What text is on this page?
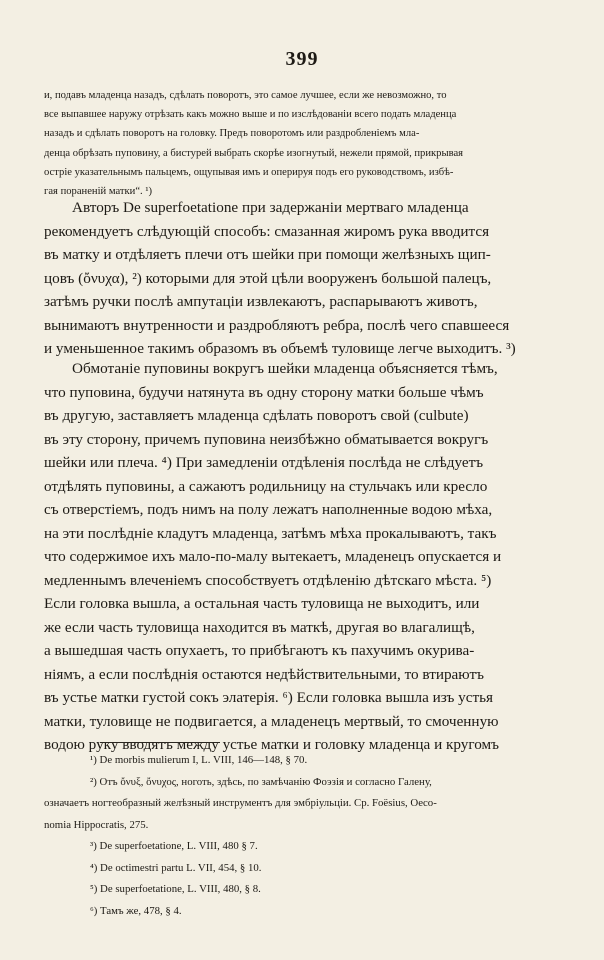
399
и, подавъ младенца назадъ, сдѣлать поворотъ, это самое лучшее, если же невозможно, то
все выпавшее наружу отрѣзать какъ можно выше и по изслѣдованіи всего подать младенца
назадъ и сдѣлать поворотъ на головку. Предъ поворотомъ или раздробленіемъ мла-
денца обрѣзать пуповину, а бистурей выбрать скорѣе изогнутый, нежели прямой, прикрывая
острiе указательнымъ пальцемъ, ощупывая имъ и оперируя подъ его руководствомъ, избѣ-
гая пораненій матки“. ¹)
Авторъ De superfoetatione при задержаніи мертваго младенца
рекомендуетъ слѣдующій способъ: смазанная жиромъ рука вводится
въ матку и отдѣляетъ плечи отъ шейки при помощи желѣзныхъ щип-
цовъ (ὄνυχα), ²) которыми для этой цѣли вооруженъ большой палецъ,
затѣмъ ручки послѣ ампутаціи извлекаютъ, распарываютъ животъ,
вынимаютъ внутренности и раздробляютъ ребра, послѣ чего спавшееся
и уменьшенное такимъ образомъ въ объемѣ туловище легче выходитъ. ³)
Обмотаніе пуповины вокругъ шейки младенца объясняется тѣмъ,
что пуповина, будучи натянута въ одну сторону матки больше чѣмъ
въ другую, заставляетъ младенца сдѣлать поворотъ свой (culbute)
въ эту сторону, причемъ пуповина неизбѣжно обматывается вокругъ
шейки или плеча. ⁴) При замедленіи отдѣленія послѣда не слѣдуетъ
отдѣлять пуповины, а сажаютъ родильницу на стульчакъ или кресло
съ отверстіемъ, подъ нимъ на полу лежатъ наполненные водою мѣха,
на эти послѣдніе кладутъ младенца, затѣмъ мѣха прокалываютъ, такъ
что содержимое ихъ мало-по-малу вытекаетъ, младенецъ опускается и
медленнымъ влеченіемъ способствуетъ отдѣленію дѣтскаго мѣста. ⁵)
Если головка вышла, а остальная часть туловища не выходитъ, или
же если часть туловища находится въ маткѣ, другая во влагалищѣ,
а вышедшая часть опухаетъ, то прибѣгаютъ къ пахучимъ окурива-
ніямъ, а если послѣднія остаются недѣйствительными, то втираютъ
въ устье матки густой сокъ элатерія. ⁶) Если головка вышла изъ устья
матки, туловище не подвигается, а младенецъ мертвый, то смоченную
водою руку вводятъ между устье матки и головку младенца и кругомъ
¹) De morbis mulierum I, L. VIII, 146—148, § 70.
²) Отъ ὄνυξ, ὄνυχος, ноготь, здѣсь, по замѣчанію Фоэзія и согласно Галену,
означаетъ ногтеобразный желѣзный инструментъ для эмбріульціи. Ср. Foësius, Oeco-
nomia Hippocratis, 275.
³) De superfoetatione, L. VIII, 480 § 7.
⁴) De octimestri partu L. VII, 454, § 10.
⁵) De superfoetatione, L. VIII, 480, § 8.
⁶) Тамъ же, 478, § 4.
